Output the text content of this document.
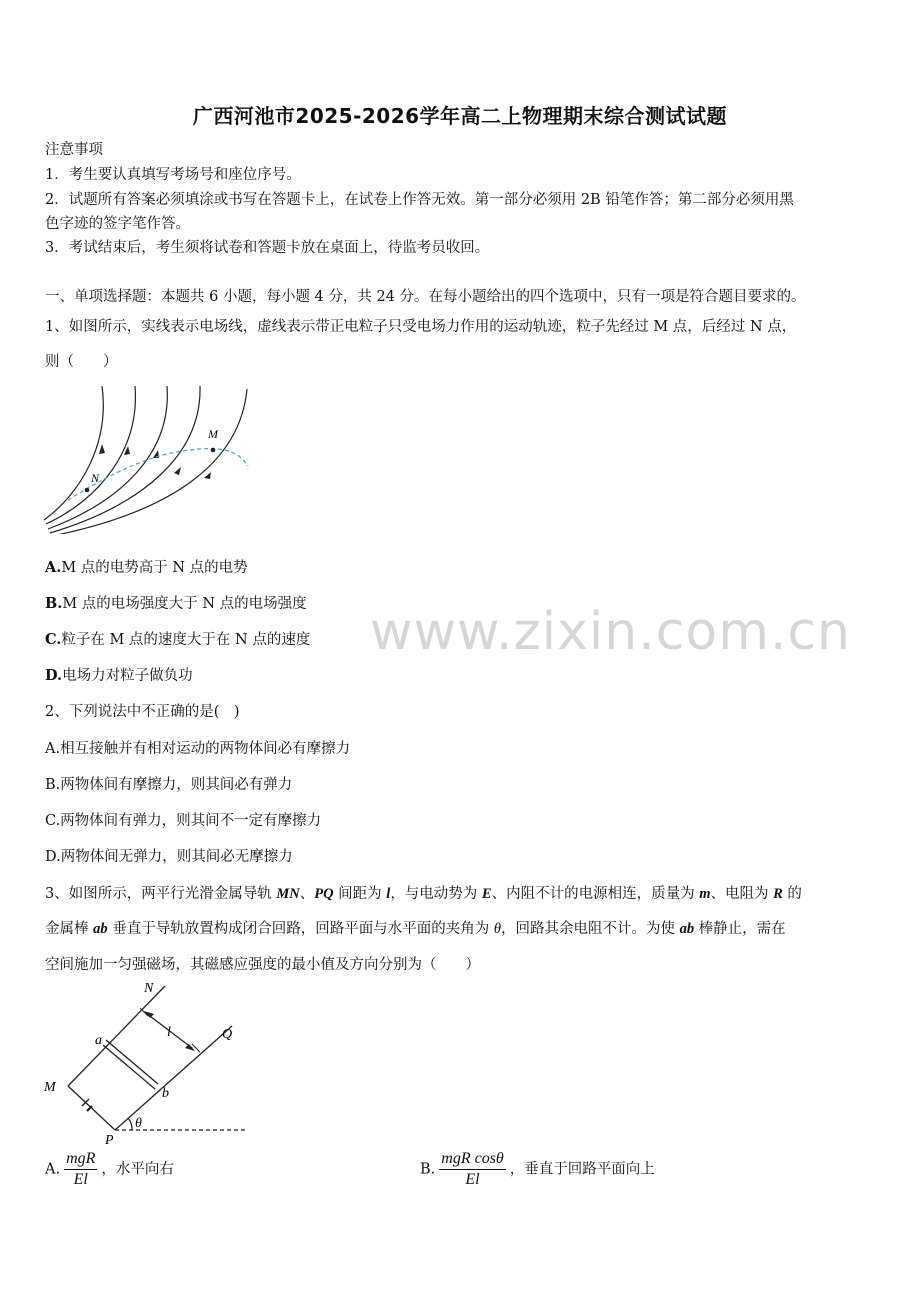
广西河池市2025-2026学年高二上物理期末综合测试试题
注意事项
1．考生要认真填写考场号和座位序号。
2．试题所有答案必须填涂或书写在答题卡上，在试卷上作答无效。第一部分必须用 2B 铅笔作答；第二部分必须用黑
色字迹的签字笔作答。
3．考试结束后，考生须将试卷和答题卡放在桌面上，待监考员收回。
一、单项选择题：本题共 6 小题，每小题 4 分，共 24 分。在每小题给出的四个选项中，只有一项是符合题目要求的。
1、如图所示，实线表示电场线，虚线表示带正电粒子只受电场力作用的运动轨迹，粒子先经过 M 点，后经过 N 点，
则（　　）
M
N
A.M 点的电势高于 N 点的电势
B.M 点的电场强度大于 N 点的电场强度
C.粒子在 M 点的速度大于在 N 点的速度
D.电场力对粒子做负功
www.zixin.com.cn
2、下列说法中不正确的是(　)
A.相互接触并有相对运动的两物体间必有摩擦力
B.两物体间有摩擦力，则其间必有弹力
C.两物体间有弹力，则其间不一定有摩擦力
D.两物体间无弹力，则其间必无摩擦力
3、如图所示，两平行光滑金属导轨 MN、PQ 间距为 l，与电动势为 E、内阻不计的电源相连，质量为 m、电阻为 R 的
金属棒 ab 垂直于导轨放置构成闭合回路，回路平面与水平面的夹角为 θ，回路其余电阻不计。为使 ab 棒静止，需在
空间施加一匀强磁场，其磁感应强度的最小值及方向分别为（　　）
N
Q
M
P
a
b
l
θ
A. $\frac{\text{mgR}}{El}$ ，水平向右	B. $\frac{\text{mgR cosθ}}{El}$ ，垂直于回路平面向上
